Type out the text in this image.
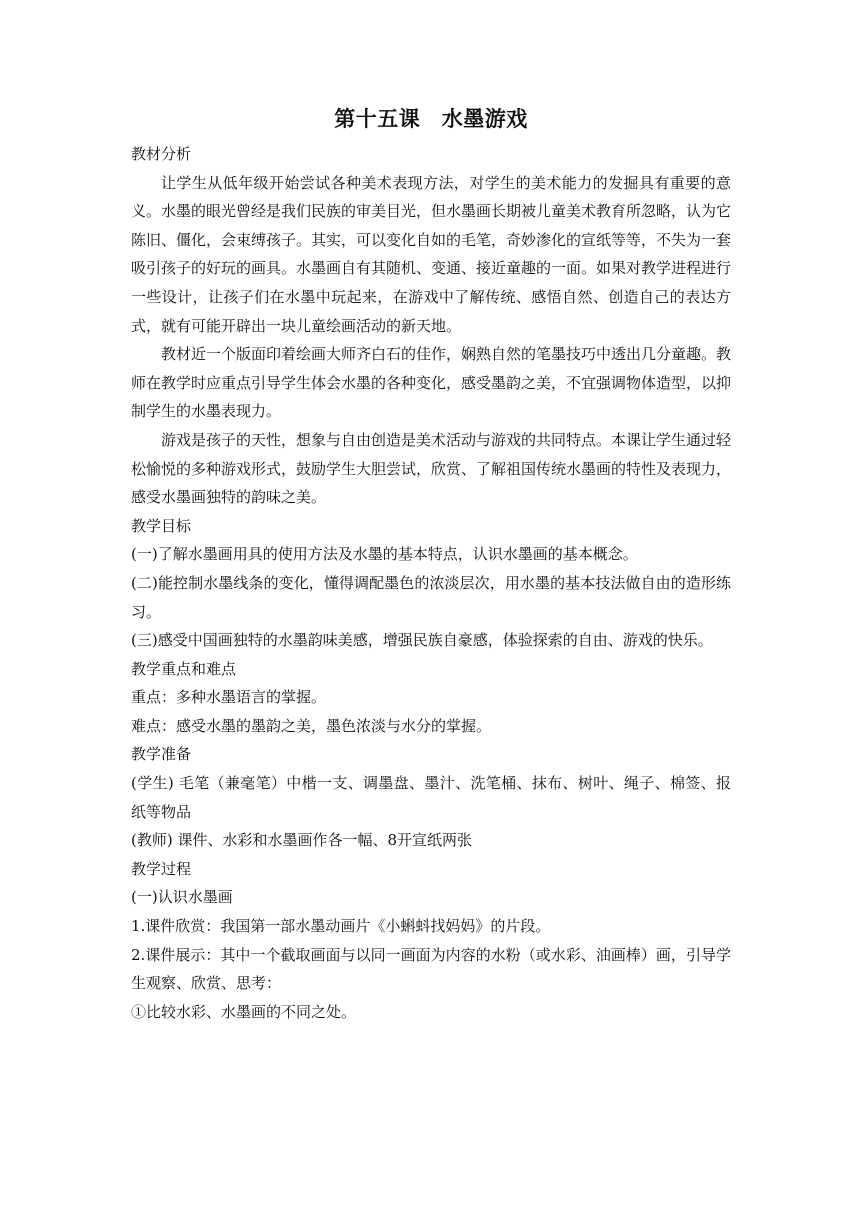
第十五课　水墨游戏

教材分析

让学生从低年级开始尝试各种美术表现方法，对学生的美术能力的发掘具有重要的意义。水墨的眼光曾经是我们民族的审美目光，但水墨画长期被儿童美术教育所忽略，认为它陈旧、僵化，会束缚孩子。其实，可以变化自如的毛笔，奇妙渗化的宣纸等等，不失为一套吸引孩子的好玩的画具。水墨画自有其随机、变通、接近童趣的一面。如果对教学进程进行一些设计，让孩子们在水墨中玩起来，在游戏中了解传统、感悟自然、创造自己的表达方式，就有可能开辟出一块儿童绘画活动的新天地。

教材近一个版面印着绘画大师齐白石的佳作，娴熟自然的笔墨技巧中透出几分童趣。教师在教学时应重点引导学生体会水墨的各种变化，感受墨韵之美，不宜强调物体造型，以抑制学生的水墨表现力。

游戏是孩子的天性，想象与自由创造是美术活动与游戏的共同特点。本课让学生通过轻松愉悦的多种游戏形式，鼓励学生大胆尝试，欣赏、了解祖国传统水墨画的特性及表现力，感受水墨画独特的韵味之美。

教学目标

(一)了解水墨画用具的使用方法及水墨的基本特点，认识水墨画的基本概念。

(二)能控制水墨线条的变化，懂得调配墨色的浓淡层次，用水墨的基本技法做自由的造形练习。

(三)感受中国画独特的水墨韵味美感，增强民族自豪感，体验探索的自由、游戏的快乐。

教学重点和难点

重点：多种水墨语言的掌握。

难点：感受水墨的墨韵之美，墨色浓淡与水分的掌握。

教学准备

(学生) 毛笔（兼毫笔）中楷一支、调墨盘、墨汁、洗笔桶、抹布、树叶、绳子、棉签、报纸等物品

(教师) 课件、水彩和水墨画作各一幅、8开宣纸两张

教学过程

(一)认识水墨画

1.课件欣赏：我国第一部水墨动画片《小蝌蚪找妈妈》的片段。

2.课件展示：其中一个截取画面与以同一画面为内容的水粉（或水彩、油画棒）画，引导学生观察、欣赏、思考：

①比较水彩、水墨画的不同之处。
